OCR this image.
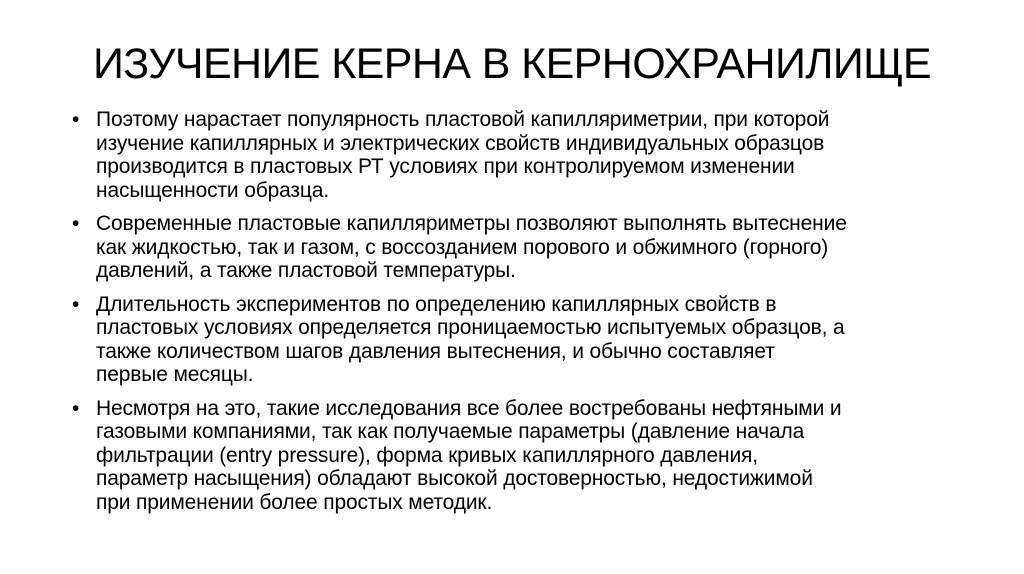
ИЗУЧЕНИЕ КЕРНА В КЕРНОХРАНИЛИЩЕ
• Поэтому нарастает популярность пластовой капилляриметрии, при которой
изучение капиллярных и электрических свойств индивидуальных образцов
производится в пластовых РТ условиях при контролируемом изменении
насыщенности образца.
• Современные пластовые капилляриметры позволяют выполнять вытеснение
как жидкостью, так и газом, с воссозданием порового и обжимного (горного)
давлений, а также пластовой температуры.
• Длительность экспериментов по определению капиллярных свойств в
пластовых условиях определяется проницаемостью испытуемых образцов, а
также количеством шагов давления вытеснения, и обычно составляет
первые месяцы.
• Несмотря на это, такие исследования все более востребованы нефтяными и
газовыми компаниями, так как получаемые параметры (давление начала
фильтрации (entry pressure), форма кривых капиллярного давления,
параметр насыщения) обладают высокой достоверностью, недостижимой
при применении более простых методик.
